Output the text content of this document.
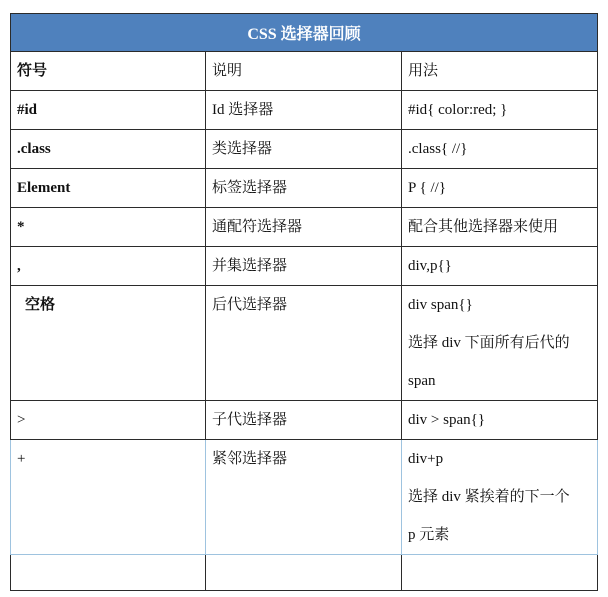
CSS 选择器回顾		
符号	说明	用法
#id	Id 选择器	#id{ color:red; }
.class	类选择器	.class{ //}
Element	标签选择器	P { //}
*	通配符选择器	配合其他选择器来使用
,	并集选择器	div,p{}
空格	后代选择器	div span{}
选择 div 下面所有后代的
span

>	子代选择器	div > span{}
+	紧邻选择器	div+p
选择 div 紧挨着的下一个
p 元素
